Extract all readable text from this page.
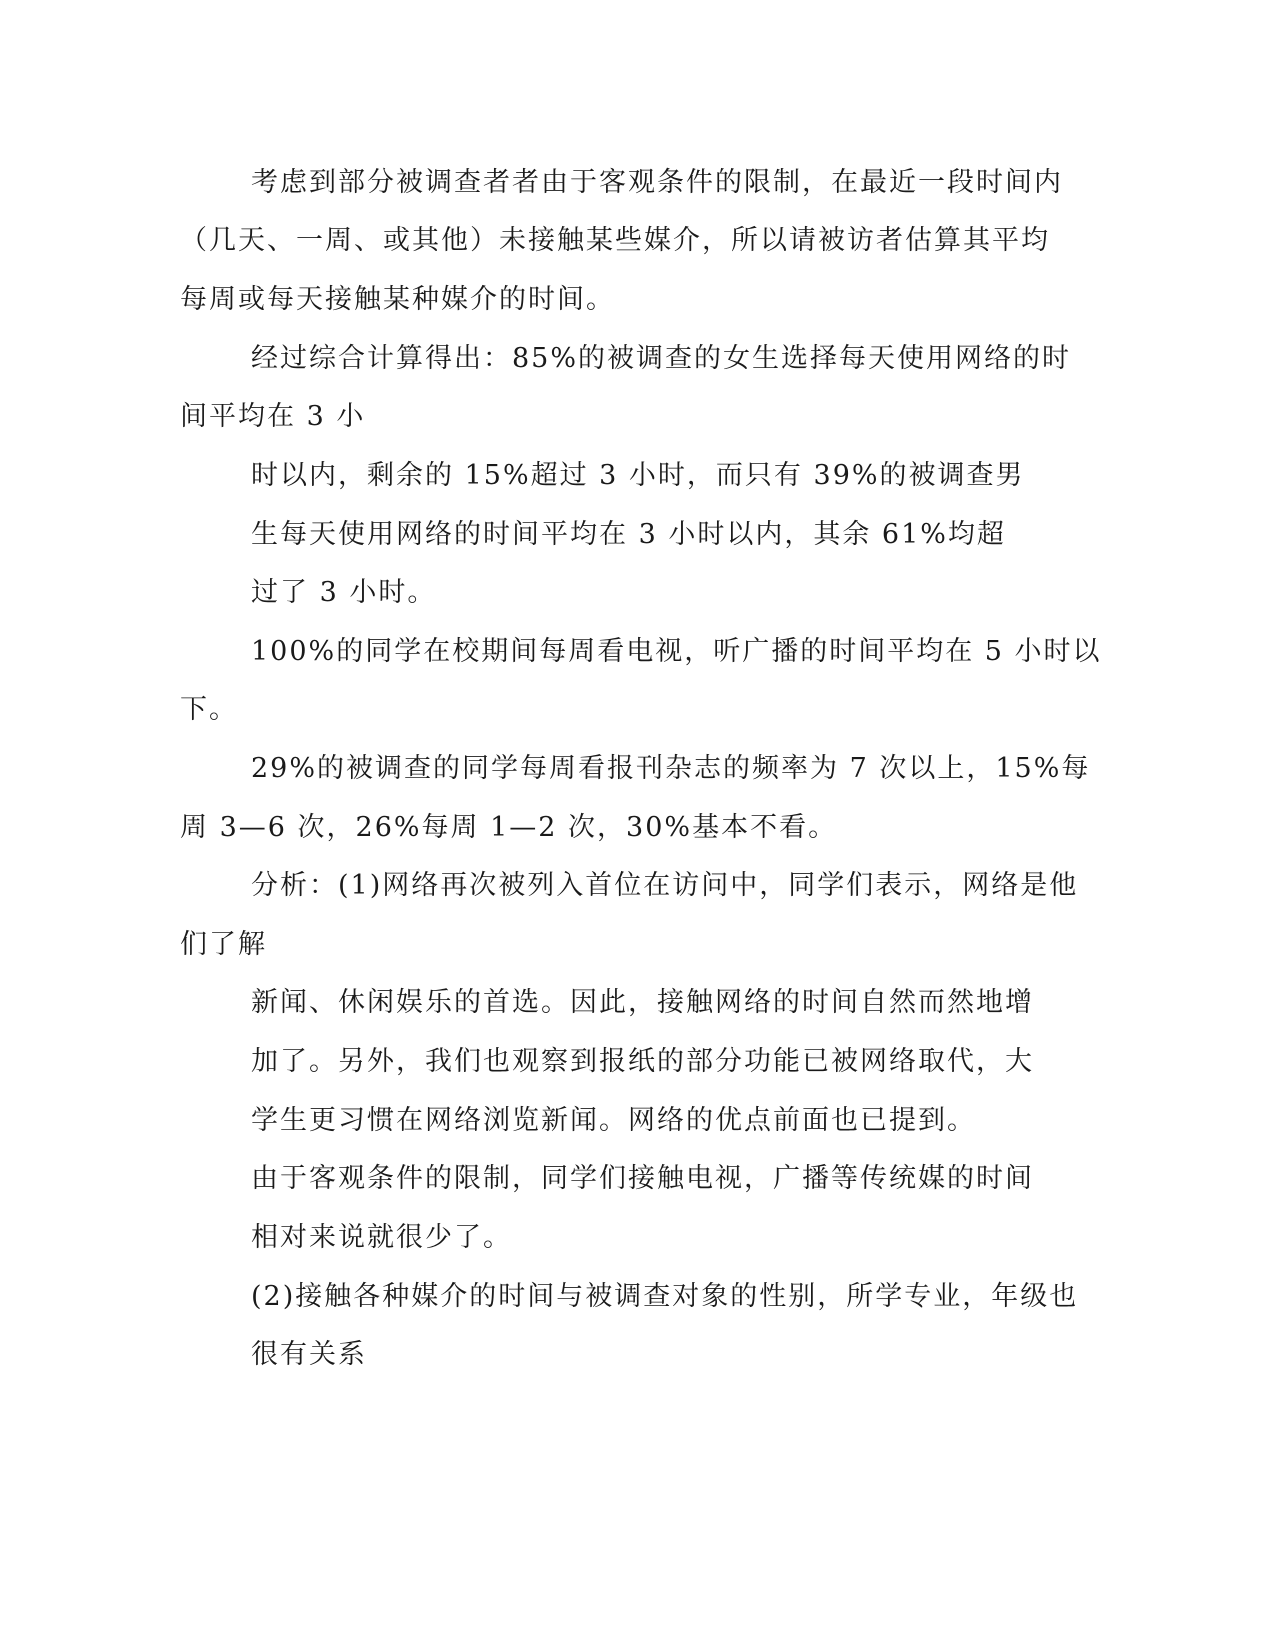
考虑到部分被调查者者由于客观条件的限制，在最近一段时间内
（几天、一周、或其他）未接触某些媒介，所以请被访者估算其平均
每周或每天接触某种媒介的时间。
经过综合计算得出：85%的被调查的女生选择每天使用网络的时
间平均在 3 小
时以内，剩余的 15%超过 3 小时，而只有 39%的被调查男
生每天使用网络的时间平均在 3 小时以内，其余 61%均超
过了 3 小时。
100%的同学在校期间每周看电视，听广播的时间平均在 5 小时以
下。
29%的被调查的同学每周看报刊杂志的频率为 7 次以上，15%每
周 3—6 次，26%每周 1—2 次，30%基本不看。
分析：(1)网络再次被列入首位在访问中，同学们表示，网络是他
们了解
新闻、休闲娱乐的首选。因此，接触网络的时间自然而然地增
加了。另外，我们也观察到报纸的部分功能已被网络取代，大
学生更习惯在网络浏览新闻。网络的优点前面也已提到。
由于客观条件的限制，同学们接触电视，广播等传统媒的时间
相对来说就很少了。
(2)接触各种媒介的时间与被调查对象的性别，所学专业，年级也
很有关系
